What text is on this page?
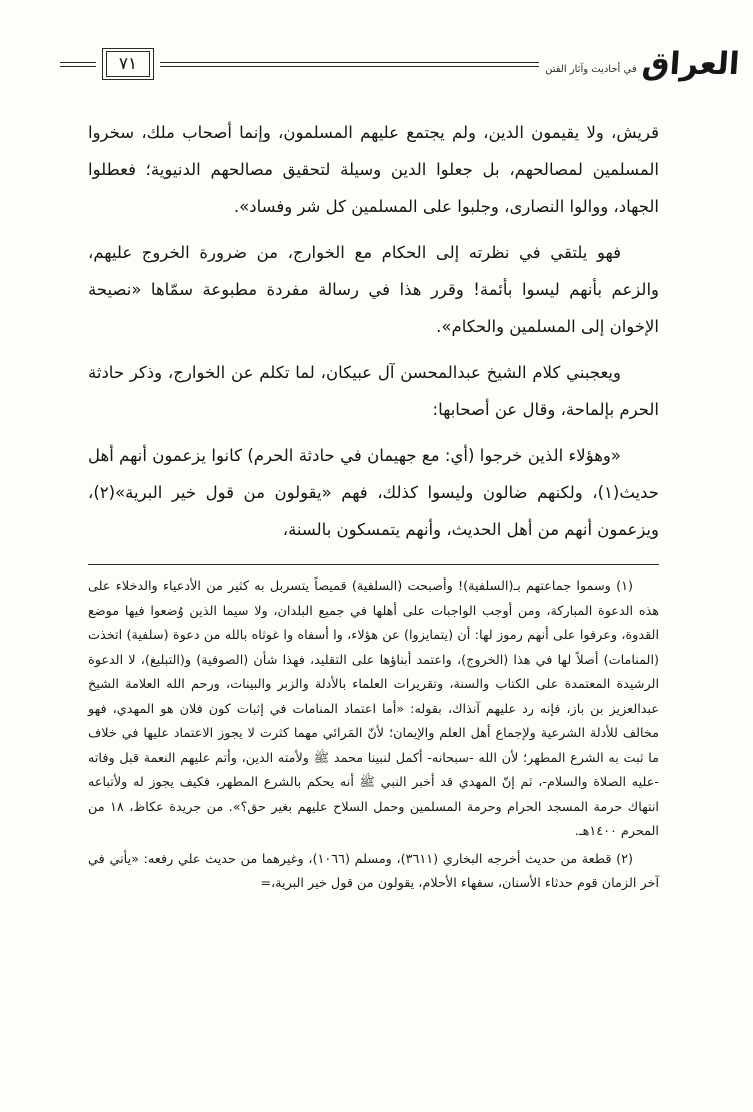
العراق
في أحاديث وآثار الفتن
٧١

قريش، ولا يقيمون الدين، ولم يجتمع عليهم المسلمون، وإنما أصحاب ملك، سخروا المسلمين لمصالحهم، بل جعلوا الدين وسيلة لتحقيق مصالحهم الدنيوية؛ فعطلوا الجهاد، ووالوا النصارى، وجلبوا على المسلمين كل شر وفساد».

فهو يلتقي في نظرته إلى الحكام مع الخوارج، من ضرورة الخروج عليهم، والزعم بأنهم ليسوا بأئمة! وقرر هذا في رسالة مفردة مطبوعة سمّاها «نصيحة الإخوان إلى المسلمين والحكام».

ويعجبني كلام الشيخ عبدالمحسن آل عبيكان، لما تكلم عن الخوارج، وذكر حادثة الحرم بإلماحة، وقال عن أصحابها:

«وهؤلاء الذين خرجوا (أي: مع جهيمان في حادثة الحرم) كانوا يزعمون أنهم أهل حديث(١)، ولكنهم ضالون وليسوا كذلك، فهم «يقولون من قول خير البرية»(٢)، ويزعمون أنهم من أهل الحديث، وأنهم يتمسكون بالسنة،

(١) وسموا جماعتهم بـ(السلفية)! وأصبحت (السلفية) قميصاً يتسربل به كثير من الأدعياء والدخلاء على هذه الدعوة المباركة، ومن أوجب الواجبات على أهلها في جميع البلدان، ولا سيما الذين وُضعوا فيها موضع القدوة، وعرفوا على أنهم رموز لها: أن (يتمايزوا) عن هؤلاء، وا أسفاه وا غوثاه بالله من دعوة (سلفية) اتخذت (المنامات) أصلاً لها في هذا (الخروج)، واعتمد أبناؤها على التقليد، فهذا شأن (الصوفية) و(التبليغ)، لا الدعوة الرشيدة المعتمدة على الكتاب والسنة، وتقريرات العلماء بالأدلة والزبر والبينات، ورحم الله العلامة الشيخ عبدالعزيز بن باز، فإنه رد عليهم آنذاك، بقوله: «أما اعتماد المنامات في إثبات كون فلان هو المهدي، فهو مخالف للأدلة الشرعية ولإجماع أهل العلم والإيمان؛ لأنّ المَرائي مهما كثرت لا يجوز الاعتماد عليها في خلاف ما ثبت به الشرع المطهر؛ لأن الله -سبحانه- أكمل لنبينا محمد ﷺ ولأمته الدين، وأتم عليهم النعمة قبل وفاته -عليه الصلاة والسلام-، ثم إنّ المهدي قد أخبر النبي ﷺ أنه يحكم بالشرع المطهر، فكيف يجوز له ولأتباعه انتهاك حرمة المسجد الحرام وحرمة المسلمين وحمل السلاح عليهم بغير حق؟». من جريدة عكاظ، ١٨ من المحرم ١٤٠٠هـ.

(٢) قطعة من حديث أخرجه البخاري (٣٦١١)، ومسلم (١٠٦٦)، وغيرهما من حديث علي رفعه: «يأتي في آخر الزمان قوم حدثاء الأسنان، سفهاء الأحلام، يقولون من قول خير البرية،=
